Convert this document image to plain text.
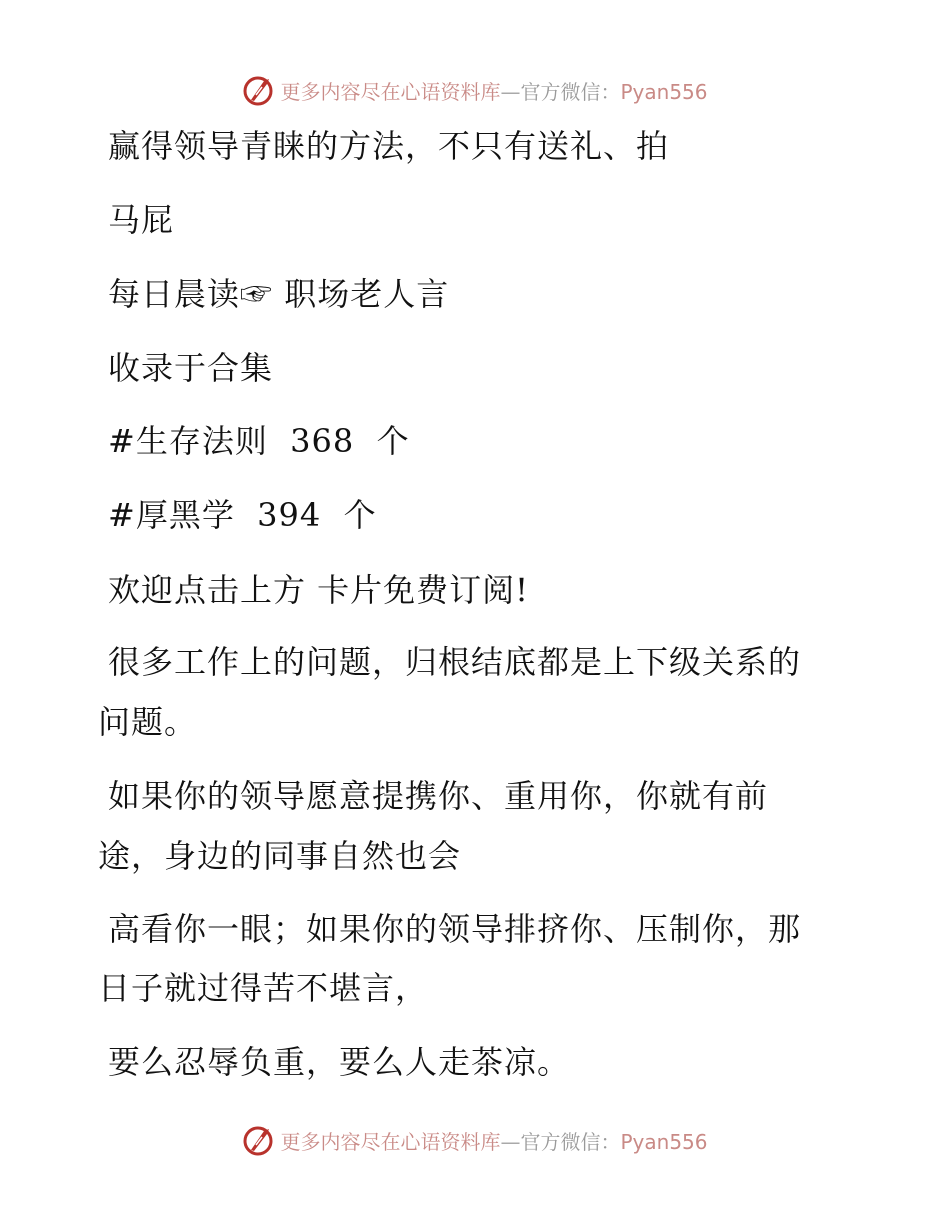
更多内容尽在心语资料库—官方微信：Pyan556
赢得领导青睐的方法，不只有送礼、拍
马屁
每日晨读☞ 职场老人言
收录于合集
#生存法则  368  个
#厚黑学  394  个
欢迎点击上方 卡片免费订阅!
很多工作上的问题，归根结底都是上下级关系的
问题。
如果你的领导愿意提携你、重用你，你就有前
途，身边的同事自然也会
高看你一眼；如果你的领导排挤你、压制你，那
日子就过得苦不堪言，
要么忍辱负重，要么人走茶凉。
更多内容尽在心语资料库—官方微信：Pyan556
